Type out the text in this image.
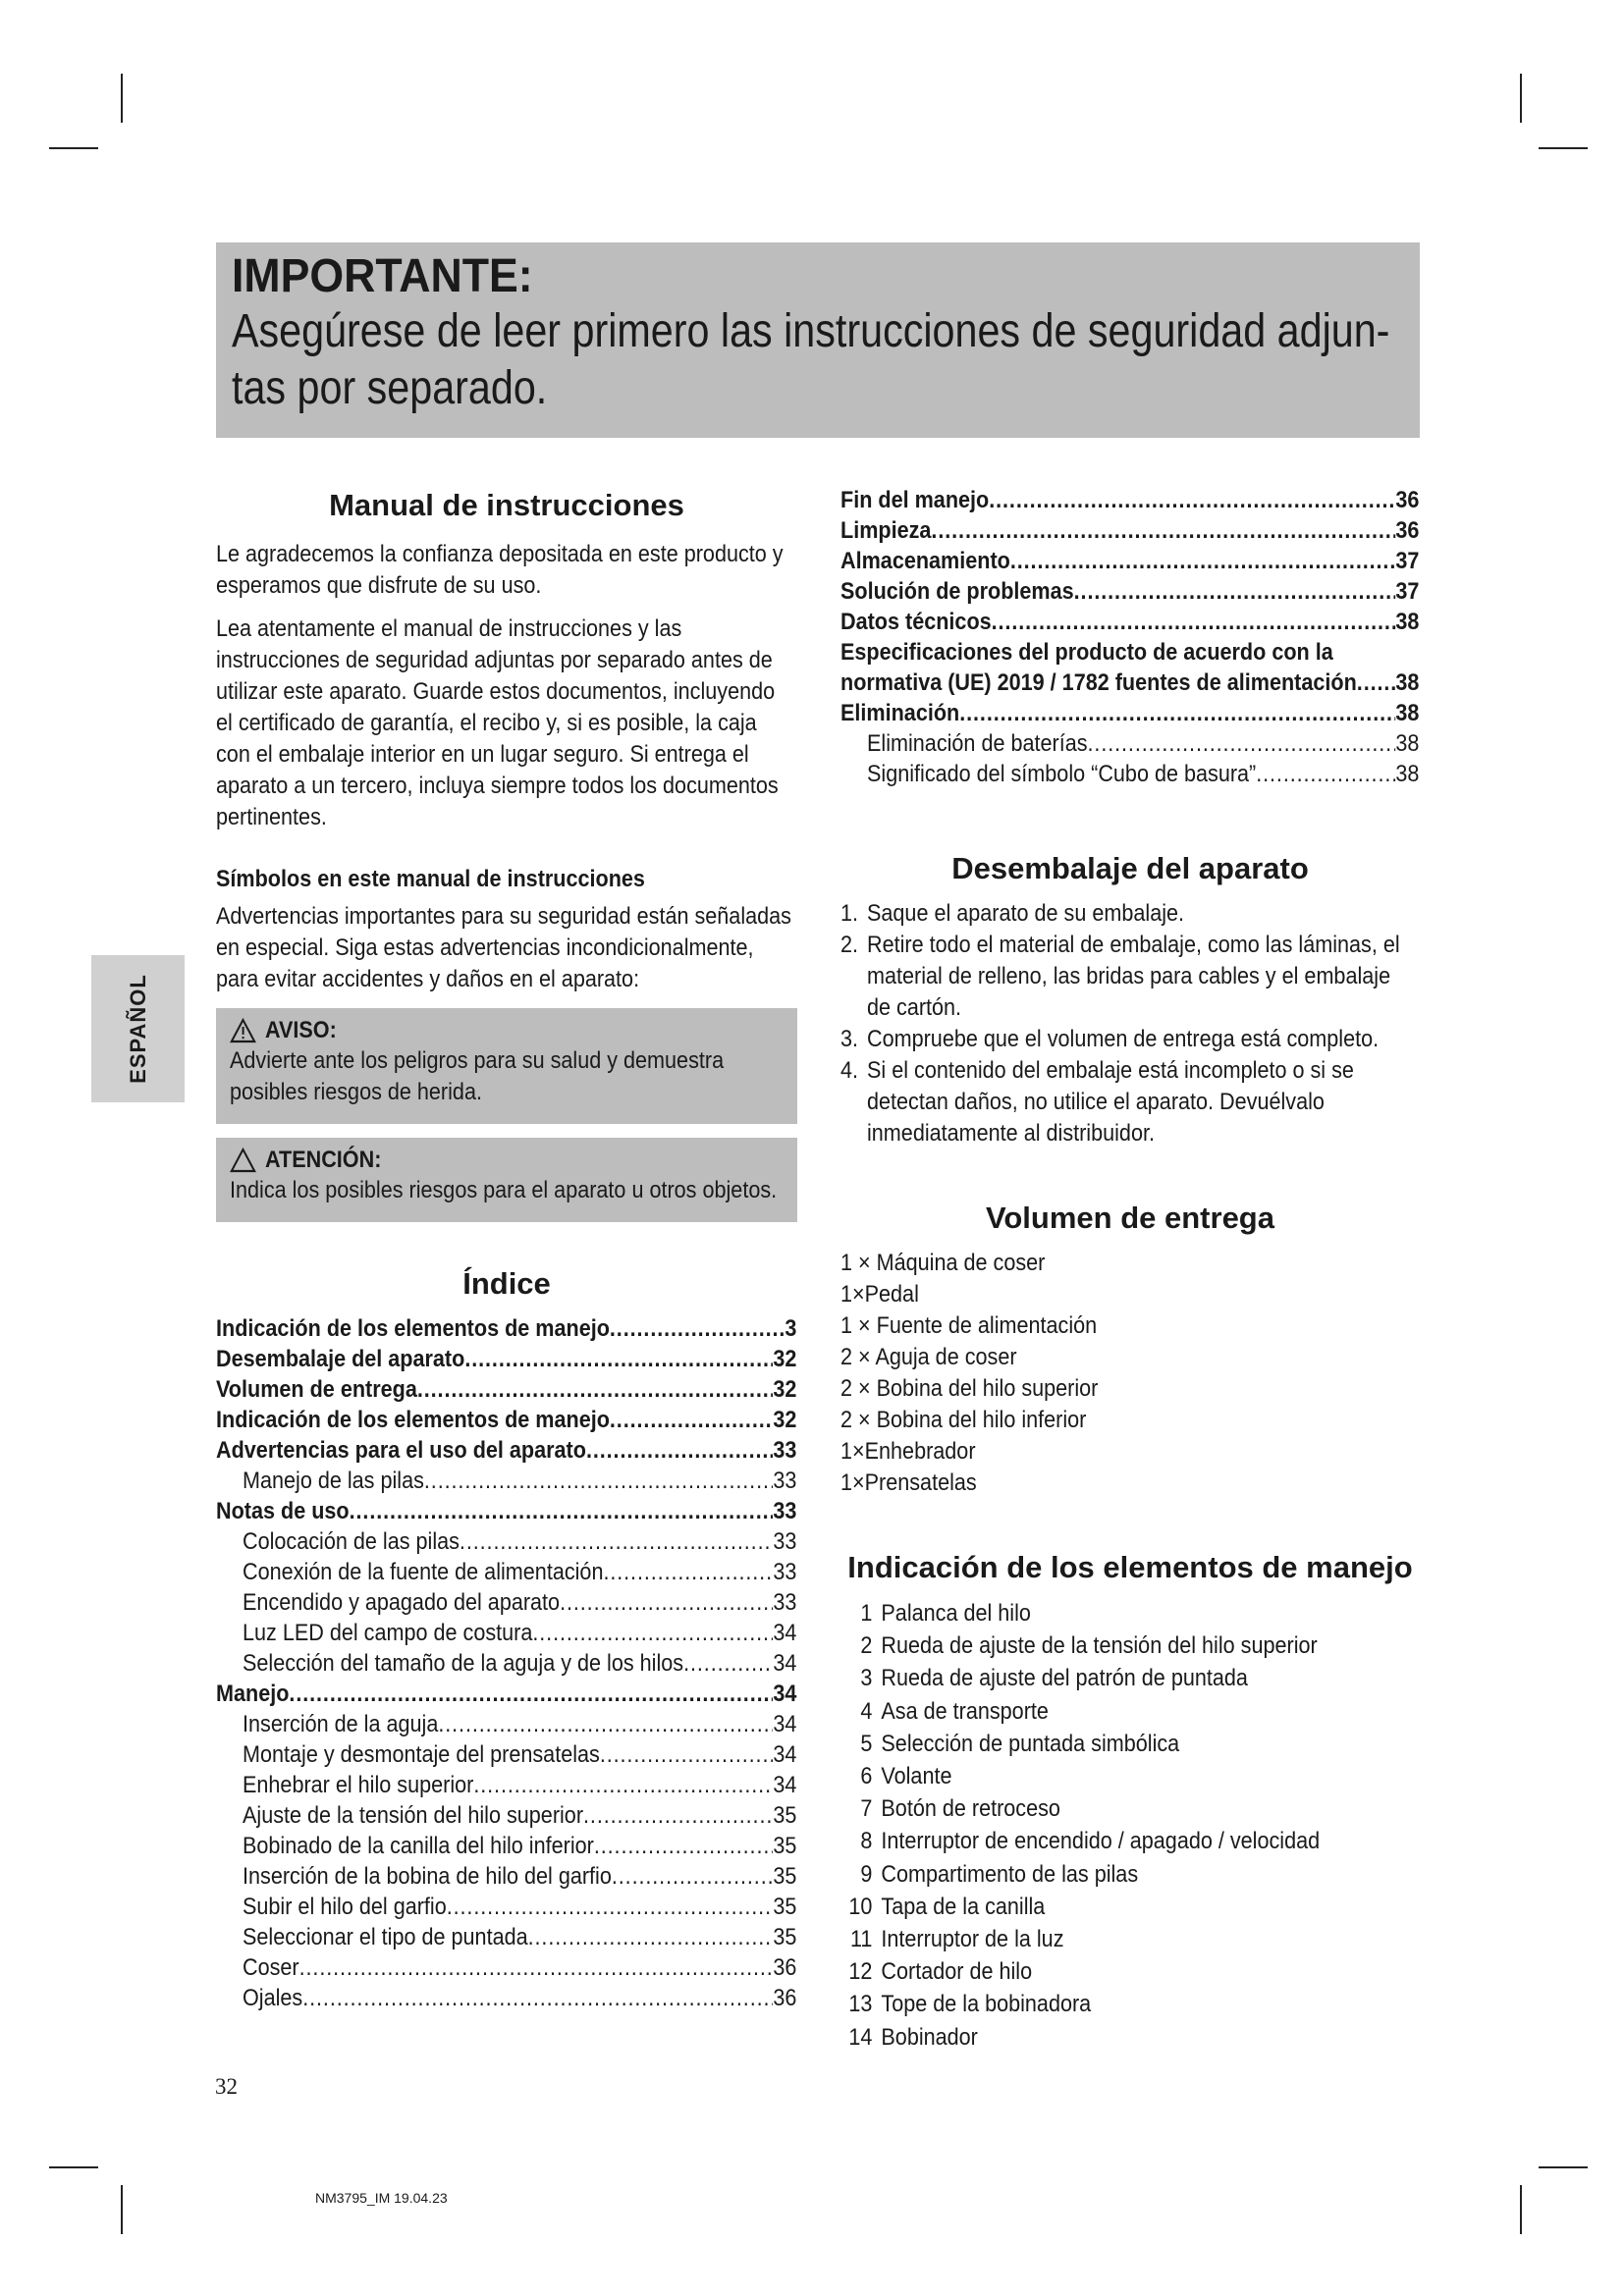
IMPORTANTE:
Asegúrese de leer primero las instrucciones de seguridad adjun-tas por separado.
ESPAÑOL
Manual de instrucciones

Le agradecemos la confianza depositada en este producto y esperamos que disfrute de su uso.

Lea atentamente el manual de instrucciones y las instrucciones de seguridad adjuntas por separado antes de utilizar este aparato. Guarde estos documentos, incluyendo el certificado de garantía, el recibo y, si es posible, la caja con el embalaje interior en un lugar seguro. Si entrega el aparato a un tercero, incluya siempre todos los documentos pertinentes.

Símbolos en este manual de instrucciones

Advertencias importantes para su seguridad están señaladas en especial. Siga estas advertencias incondicionalmente, para evitar accidentes y daños en el aparato:

AVISO:
Advierte ante los peligros para su salud y demuestra posibles riesgos de herida.
ATENCIÓN:
Indica los posibles riesgos para el aparato u otros objetos.
Índice
Indicación de los elementos de manejo .....	3
Desembalaje del aparato .....	32
Volumen de entrega .....	32
Indicación de los elementos de manejo .....	32
Advertencias para el uso del aparato .....	33
Manejo de las pilas .....	33
Notas de uso .....	33
Colocación de las pilas .....	33
Conexión de la fuente de alimentación .....	33
Encendido y apagado del aparato .....	33
Luz LED del campo de costura .....	34
Selección del tamaño de la aguja y de los hilos .....	34
Manejo .....	34
Inserción de la aguja .....	34
Montaje y desmontaje del prensatelas .....	34
Enhebrar el hilo superior .....	34
Ajuste de la tensión del hilo superior .....	35
Bobinado de la canilla del hilo inferior .....	35
Inserción de la bobina de hilo del garfio .....	35
Subir el hilo del garfio .....	35
Seleccionar el tipo de puntada .....	35
Coser .....	36
Ojales .....	36
Fin del manejo .....	36
Limpieza .....	36
Almacenamiento .....	37
Solución de problemas .....	37
Datos técnicos .....	38
Especificaciones del producto de acuerdo con la
normativa (UE) 2019 / 1782 fuentes de alimentación ..... 38
Eliminación .....	38
Eliminación de baterías .....	38
Significado del símbolo “Cubo de basura” .....	38
Desembalaje del aparato
1. Saque el aparato de su embalaje.
2. Retire todo el material de embalaje, como las láminas, el material de relleno, las bridas para cables y el embalaje de cartón.
3. Compruebe que el volumen de entrega está completo.
4. Si el contenido del embalaje está incompleto o si se detectan daños, no utilice el aparato. Devuélvalo inmediatamente al distribuidor.
Volumen de entrega
1 × Máquina de coser
1×Pedal
1 × Fuente de alimentación
2 × Aguja de coser
2 × Bobina del hilo superior
2 × Bobina del hilo inferior
1×Enhebrador
1×Prensatelas
Indicación de los elementos de manejo
1 Palanca del hilo
2 Rueda de ajuste de la tensión del hilo superior
3 Rueda de ajuste del patrón de puntada
4 Asa de transporte
5 Selección de puntada simbólica
6 Volante
7 Botón de retroceso
8 Interruptor de encendido / apagado / velocidad
9 Compartimento de las pilas
10 Tapa de la canilla
11 Interruptor de la luz
12 Cortador de hilo
13 Tope de la bobinadora
14 Bobinador
32
NM3795_IM 19.04.23
